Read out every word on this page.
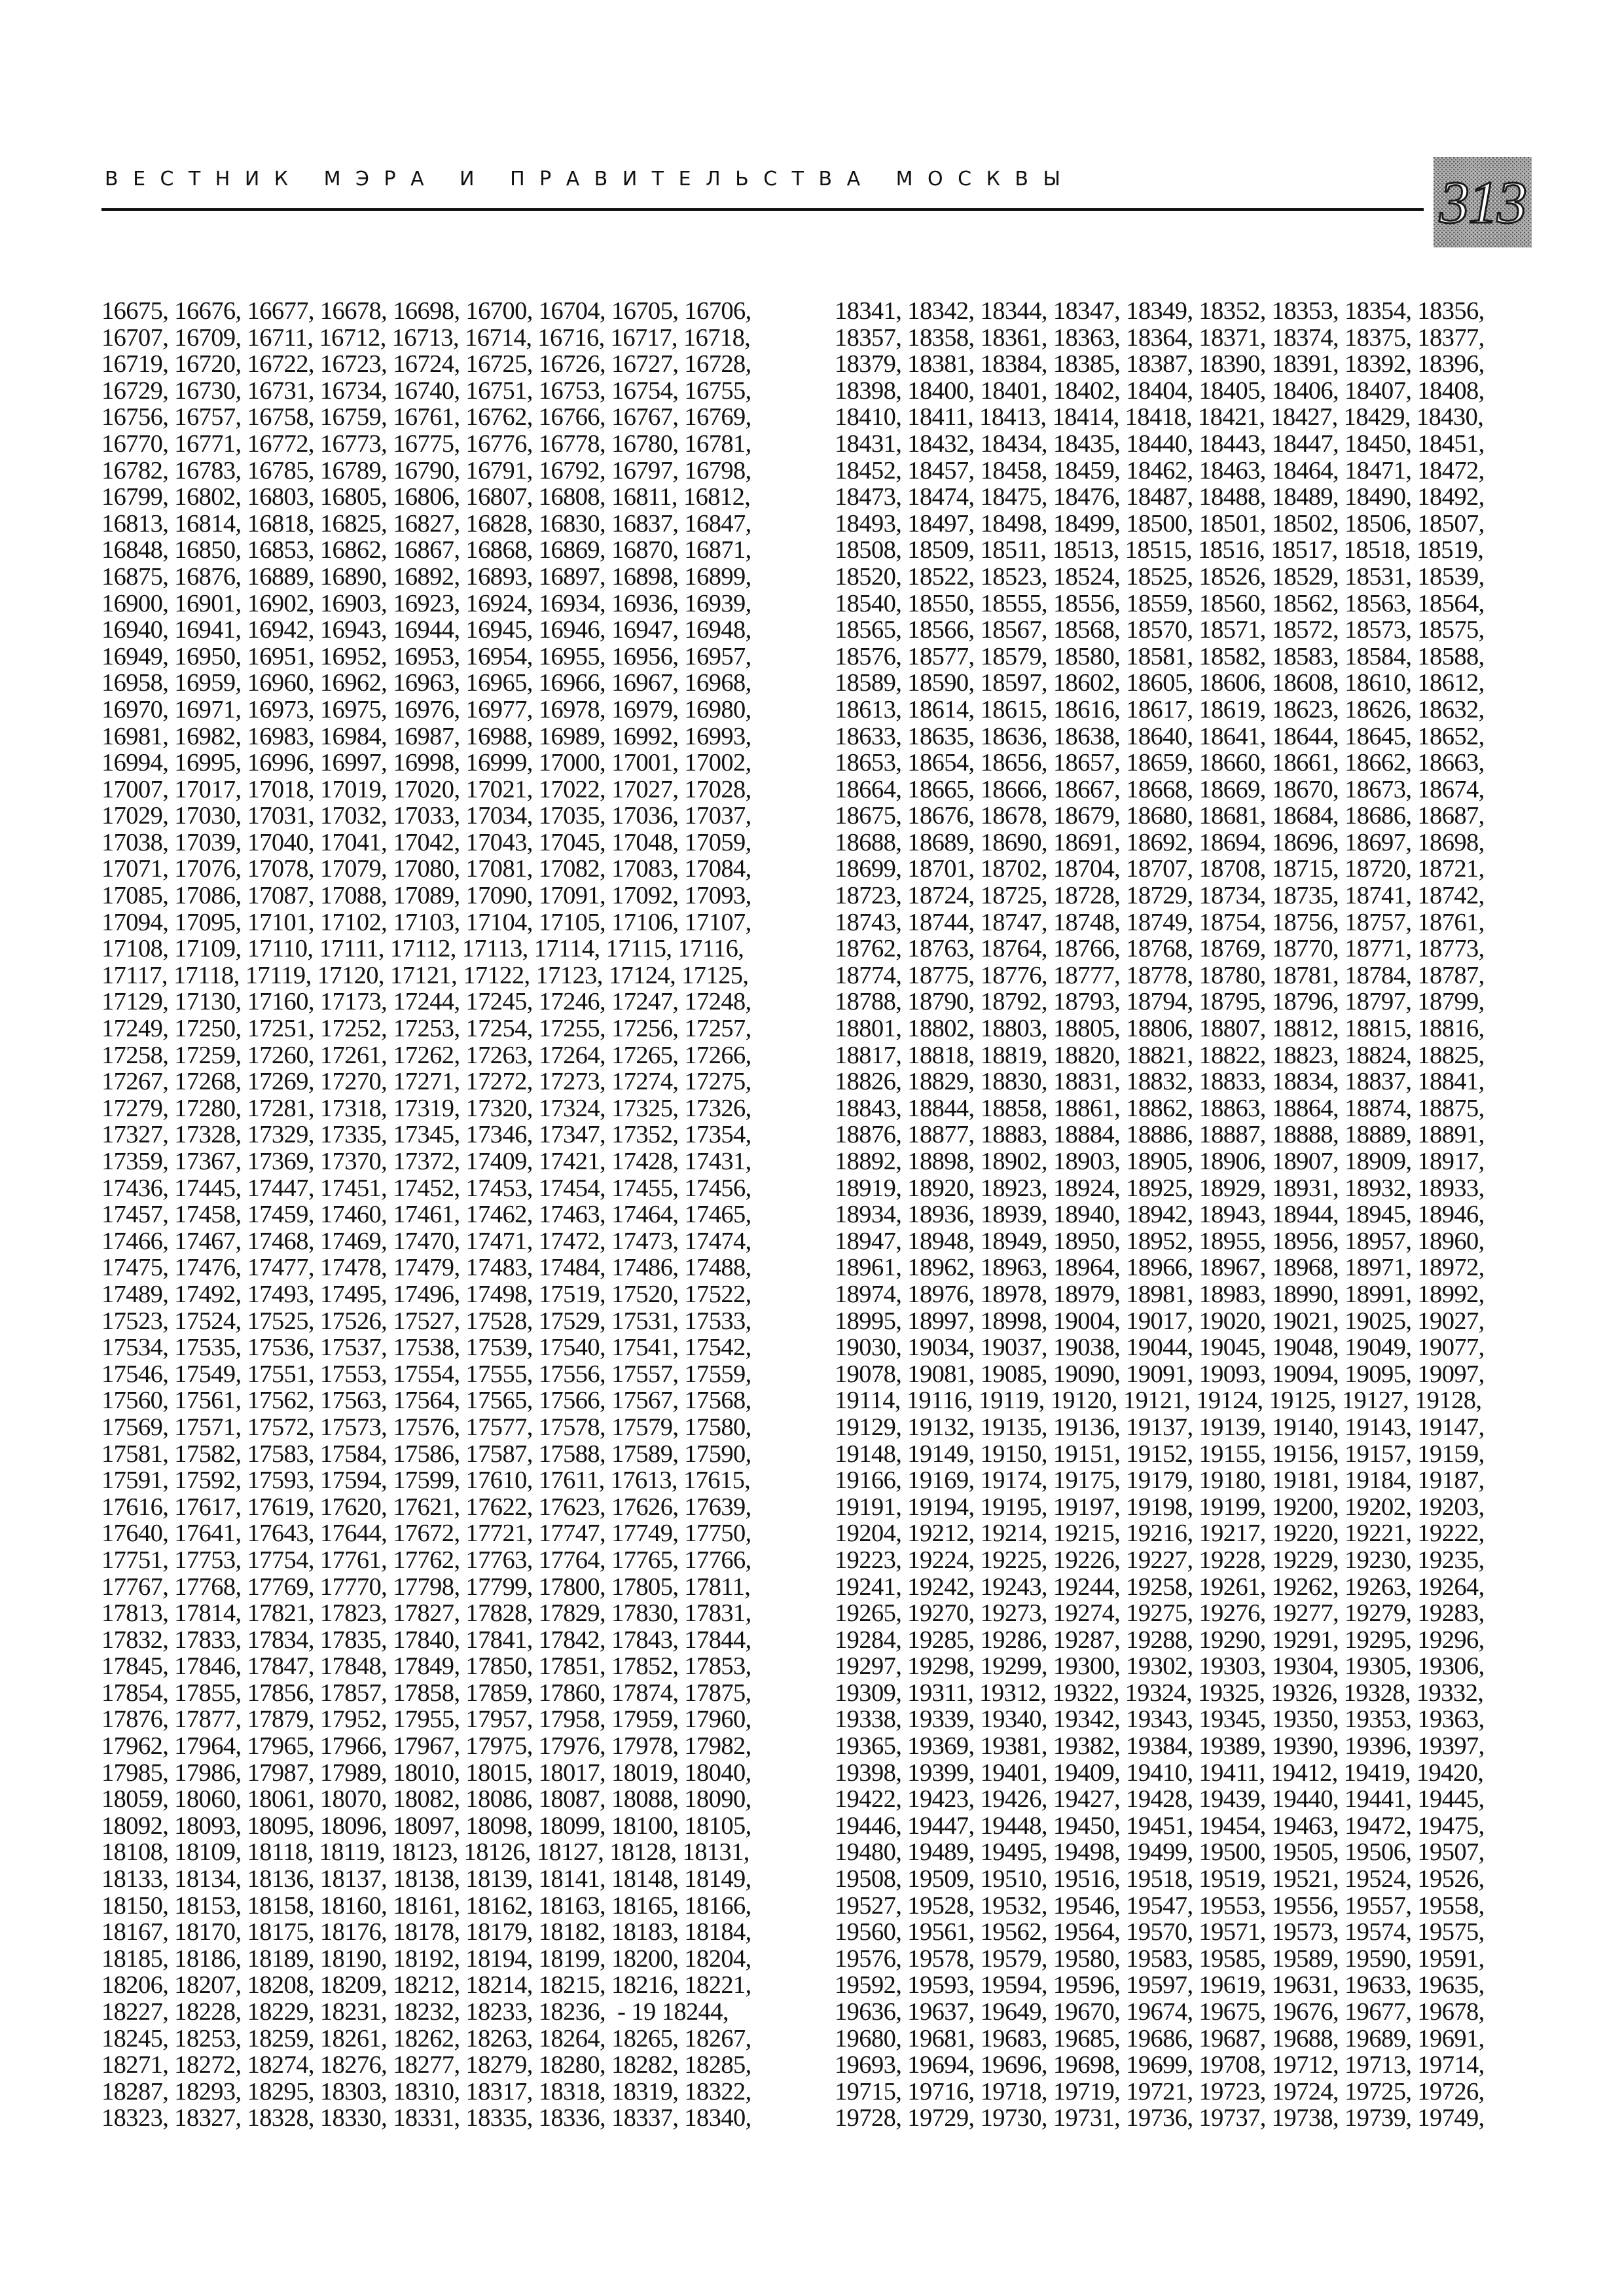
ВЕСТНИК МЭРА И ПРАВИТЕЛЬСТВА МОСКВЫ	313
16675, 16676, 16677, 16678, 16698, 16700, 16704, 16705, 16706,
16707, 16709, 16711, 16712, 16713, 16714, 16716, 16717, 16718,
16719, 16720, 16722, 16723, 16724, 16725, 16726, 16727, 16728,
16729, 16730, 16731, 16734, 16740, 16751, 16753, 16754, 16755,
16756, 16757, 16758, 16759, 16761, 16762, 16766, 16767, 16769,
16770, 16771, 16772, 16773, 16775, 16776, 16778, 16780, 16781,
16782, 16783, 16785, 16789, 16790, 16791, 16792, 16797, 16798,
16799, 16802, 16803, 16805, 16806, 16807, 16808, 16811, 16812,
16813, 16814, 16818, 16825, 16827, 16828, 16830, 16837, 16847,
16848, 16850, 16853, 16862, 16867, 16868, 16869, 16870, 16871,
16875, 16876, 16889, 16890, 16892, 16893, 16897, 16898, 16899,
16900, 16901, 16902, 16903, 16923, 16924, 16934, 16936, 16939,
16940, 16941, 16942, 16943, 16944, 16945, 16946, 16947, 16948,
16949, 16950, 16951, 16952, 16953, 16954, 16955, 16956, 16957,
16958, 16959, 16960, 16962, 16963, 16965, 16966, 16967, 16968,
16970, 16971, 16973, 16975, 16976, 16977, 16978, 16979, 16980,
16981, 16982, 16983, 16984, 16987, 16988, 16989, 16992, 16993,
16994, 16995, 16996, 16997, 16998, 16999, 17000, 17001, 17002,
17007, 17017, 17018, 17019, 17020, 17021, 17022, 17027, 17028,
17029, 17030, 17031, 17032, 17033, 17034, 17035, 17036, 17037,
17038, 17039, 17040, 17041, 17042, 17043, 17045, 17048, 17059,
17071, 17076, 17078, 17079, 17080, 17081, 17082, 17083, 17084,
17085, 17086, 17087, 17088, 17089, 17090, 17091, 17092, 17093,
17094, 17095, 17101, 17102, 17103, 17104, 17105, 17106, 17107,
17108, 17109, 17110, 17111, 17112, 17113, 17114, 17115, 17116,
17117, 17118, 17119, 17120, 17121, 17122, 17123, 17124, 17125,
17129, 17130, 17160, 17173, 17244, 17245, 17246, 17247, 17248,
17249, 17250, 17251, 17252, 17253, 17254, 17255, 17256, 17257,
17258, 17259, 17260, 17261, 17262, 17263, 17264, 17265, 17266,
17267, 17268, 17269, 17270, 17271, 17272, 17273, 17274, 17275,
17279, 17280, 17281, 17318, 17319, 17320, 17324, 17325, 17326,
17327, 17328, 17329, 17335, 17345, 17346, 17347, 17352, 17354,
17359, 17367, 17369, 17370, 17372, 17409, 17421, 17428, 17431,
17436, 17445, 17447, 17451, 17452, 17453, 17454, 17455, 17456,
17457, 17458, 17459, 17460, 17461, 17462, 17463, 17464, 17465,
17466, 17467, 17468, 17469, 17470, 17471, 17472, 17473, 17474,
17475, 17476, 17477, 17478, 17479, 17483, 17484, 17486, 17488,
17489, 17492, 17493, 17495, 17496, 17498, 17519, 17520, 17522,
17523, 17524, 17525, 17526, 17527, 17528, 17529, 17531, 17533,
17534, 17535, 17536, 17537, 17538, 17539, 17540, 17541, 17542,
17546, 17549, 17551, 17553, 17554, 17555, 17556, 17557, 17559,
17560, 17561, 17562, 17563, 17564, 17565, 17566, 17567, 17568,
17569, 17571, 17572, 17573, 17576, 17577, 17578, 17579, 17580,
17581, 17582, 17583, 17584, 17586, 17587, 17588, 17589, 17590,
17591, 17592, 17593, 17594, 17599, 17610, 17611, 17613, 17615,
17616, 17617, 17619, 17620, 17621, 17622, 17623, 17626, 17639,
17640, 17641, 17643, 17644, 17672, 17721, 17747, 17749, 17750,
17751, 17753, 17754, 17761, 17762, 17763, 17764, 17765, 17766,
17767, 17768, 17769, 17770, 17798, 17799, 17800, 17805, 17811,
17813, 17814, 17821, 17823, 17827, 17828, 17829, 17830, 17831,
17832, 17833, 17834, 17835, 17840, 17841, 17842, 17843, 17844,
17845, 17846, 17847, 17848, 17849, 17850, 17851, 17852, 17853,
17854, 17855, 17856, 17857, 17858, 17859, 17860, 17874, 17875,
17876, 17877, 17879, 17952, 17955, 17957, 17958, 17959, 17960,
17962, 17964, 17965, 17966, 17967, 17975, 17976, 17978, 17982,
17985, 17986, 17987, 17989, 18010, 18015, 18017, 18019, 18040,
18059, 18060, 18061, 18070, 18082, 18086, 18087, 18088, 18090,
18092, 18093, 18095, 18096, 18097, 18098, 18099, 18100, 18105,
18108, 18109, 18118, 18119, 18123, 18126, 18127, 18128, 18131,
18133, 18134, 18136, 18137, 18138, 18139, 18141, 18148, 18149,
18150, 18153, 18158, 18160, 18161, 18162, 18163, 18165, 18166,
18167, 18170, 18175, 18176, 18178, 18179, 18182, 18183, 18184,
18185, 18186, 18189, 18190, 18192, 18194, 18199, 18200, 18204,
18206, 18207, 18208, 18209, 18212, 18214, 18215, 18216, 18221,
18227, 18228, 18229, 18231, 18232, 18233, 18236,  - 19 18244,
18245, 18253, 18259, 18261, 18262, 18263, 18264, 18265, 18267,
18271, 18272, 18274, 18276, 18277, 18279, 18280, 18282, 18285,
18287, 18293, 18295, 18303, 18310, 18317, 18318, 18319, 18322,
18323, 18327, 18328, 18330, 18331, 18335, 18336, 18337, 18340,
18341, 18342, 18344, 18347, 18349, 18352, 18353, 18354, 18356,
18357, 18358, 18361, 18363, 18364, 18371, 18374, 18375, 18377,
18379, 18381, 18384, 18385, 18387, 18390, 18391, 18392, 18396,
18398, 18400, 18401, 18402, 18404, 18405, 18406, 18407, 18408,
18410, 18411, 18413, 18414, 18418, 18421, 18427, 18429, 18430,
18431, 18432, 18434, 18435, 18440, 18443, 18447, 18450, 18451,
18452, 18457, 18458, 18459, 18462, 18463, 18464, 18471, 18472,
18473, 18474, 18475, 18476, 18487, 18488, 18489, 18490, 18492,
18493, 18497, 18498, 18499, 18500, 18501, 18502, 18506, 18507,
18508, 18509, 18511, 18513, 18515, 18516, 18517, 18518, 18519,
18520, 18522, 18523, 18524, 18525, 18526, 18529, 18531, 18539,
18540, 18550, 18555, 18556, 18559, 18560, 18562, 18563, 18564,
18565, 18566, 18567, 18568, 18570, 18571, 18572, 18573, 18575,
18576, 18577, 18579, 18580, 18581, 18582, 18583, 18584, 18588,
18589, 18590, 18597, 18602, 18605, 18606, 18608, 18610, 18612,
18613, 18614, 18615, 18616, 18617, 18619, 18623, 18626, 18632,
18633, 18635, 18636, 18638, 18640, 18641, 18644, 18645, 18652,
18653, 18654, 18656, 18657, 18659, 18660, 18661, 18662, 18663,
18664, 18665, 18666, 18667, 18668, 18669, 18670, 18673, 18674,
18675, 18676, 18678, 18679, 18680, 18681, 18684, 18686, 18687,
18688, 18689, 18690, 18691, 18692, 18694, 18696, 18697, 18698,
18699, 18701, 18702, 18704, 18707, 18708, 18715, 18720, 18721,
18723, 18724, 18725, 18728, 18729, 18734, 18735, 18741, 18742,
18743, 18744, 18747, 18748, 18749, 18754, 18756, 18757, 18761,
18762, 18763, 18764, 18766, 18768, 18769, 18770, 18771, 18773,
18774, 18775, 18776, 18777, 18778, 18780, 18781, 18784, 18787,
18788, 18790, 18792, 18793, 18794, 18795, 18796, 18797, 18799,
18801, 18802, 18803, 18805, 18806, 18807, 18812, 18815, 18816,
18817, 18818, 18819, 18820, 18821, 18822, 18823, 18824, 18825,
18826, 18829, 18830, 18831, 18832, 18833, 18834, 18837, 18841,
18843, 18844, 18858, 18861, 18862, 18863, 18864, 18874, 18875,
18876, 18877, 18883, 18884, 18886, 18887, 18888, 18889, 18891,
18892, 18898, 18902, 18903, 18905, 18906, 18907, 18909, 18917,
18919, 18920, 18923, 18924, 18925, 18929, 18931, 18932, 18933,
18934, 18936, 18939, 18940, 18942, 18943, 18944, 18945, 18946,
18947, 18948, 18949, 18950, 18952, 18955, 18956, 18957, 18960,
18961, 18962, 18963, 18964, 18966, 18967, 18968, 18971, 18972,
18974, 18976, 18978, 18979, 18981, 18983, 18990, 18991, 18992,
18995, 18997, 18998, 19004, 19017, 19020, 19021, 19025, 19027,
19030, 19034, 19037, 19038, 19044, 19045, 19048, 19049, 19077,
19078, 19081, 19085, 19090, 19091, 19093, 19094, 19095, 19097,
19114, 19116, 19119, 19120, 19121, 19124, 19125, 19127, 19128,
19129, 19132, 19135, 19136, 19137, 19139, 19140, 19143, 19147,
19148, 19149, 19150, 19151, 19152, 19155, 19156, 19157, 19159,
19166, 19169, 19174, 19175, 19179, 19180, 19181, 19184, 19187,
19191, 19194, 19195, 19197, 19198, 19199, 19200, 19202, 19203,
19204, 19212, 19214, 19215, 19216, 19217, 19220, 19221, 19222,
19223, 19224, 19225, 19226, 19227, 19228, 19229, 19230, 19235,
19241, 19242, 19243, 19244, 19258, 19261, 19262, 19263, 19264,
19265, 19270, 19273, 19274, 19275, 19276, 19277, 19279, 19283,
19284, 19285, 19286, 19287, 19288, 19290, 19291, 19295, 19296,
19297, 19298, 19299, 19300, 19302, 19303, 19304, 19305, 19306,
19309, 19311, 19312, 19322, 19324, 19325, 19326, 19328, 19332,
19338, 19339, 19340, 19342, 19343, 19345, 19350, 19353, 19363,
19365, 19369, 19381, 19382, 19384, 19389, 19390, 19396, 19397,
19398, 19399, 19401, 19409, 19410, 19411, 19412, 19419, 19420,
19422, 19423, 19426, 19427, 19428, 19439, 19440, 19441, 19445,
19446, 19447, 19448, 19450, 19451, 19454, 19463, 19472, 19475,
19480, 19489, 19495, 19498, 19499, 19500, 19505, 19506, 19507,
19508, 19509, 19510, 19516, 19518, 19519, 19521, 19524, 19526,
19527, 19528, 19532, 19546, 19547, 19553, 19556, 19557, 19558,
19560, 19561, 19562, 19564, 19570, 19571, 19573, 19574, 19575,
19576, 19578, 19579, 19580, 19583, 19585, 19589, 19590, 19591,
19592, 19593, 19594, 19596, 19597, 19619, 19631, 19633, 19635,
19636, 19637, 19649, 19670, 19674, 19675, 19676, 19677, 19678,
19680, 19681, 19683, 19685, 19686, 19687, 19688, 19689, 19691,
19693, 19694, 19696, 19698, 19699, 19708, 19712, 19713, 19714,
19715, 19716, 19718, 19719, 19721, 19723, 19724, 19725, 19726,
19728, 19729, 19730, 19731, 19736, 19737, 19738, 19739, 19749,
